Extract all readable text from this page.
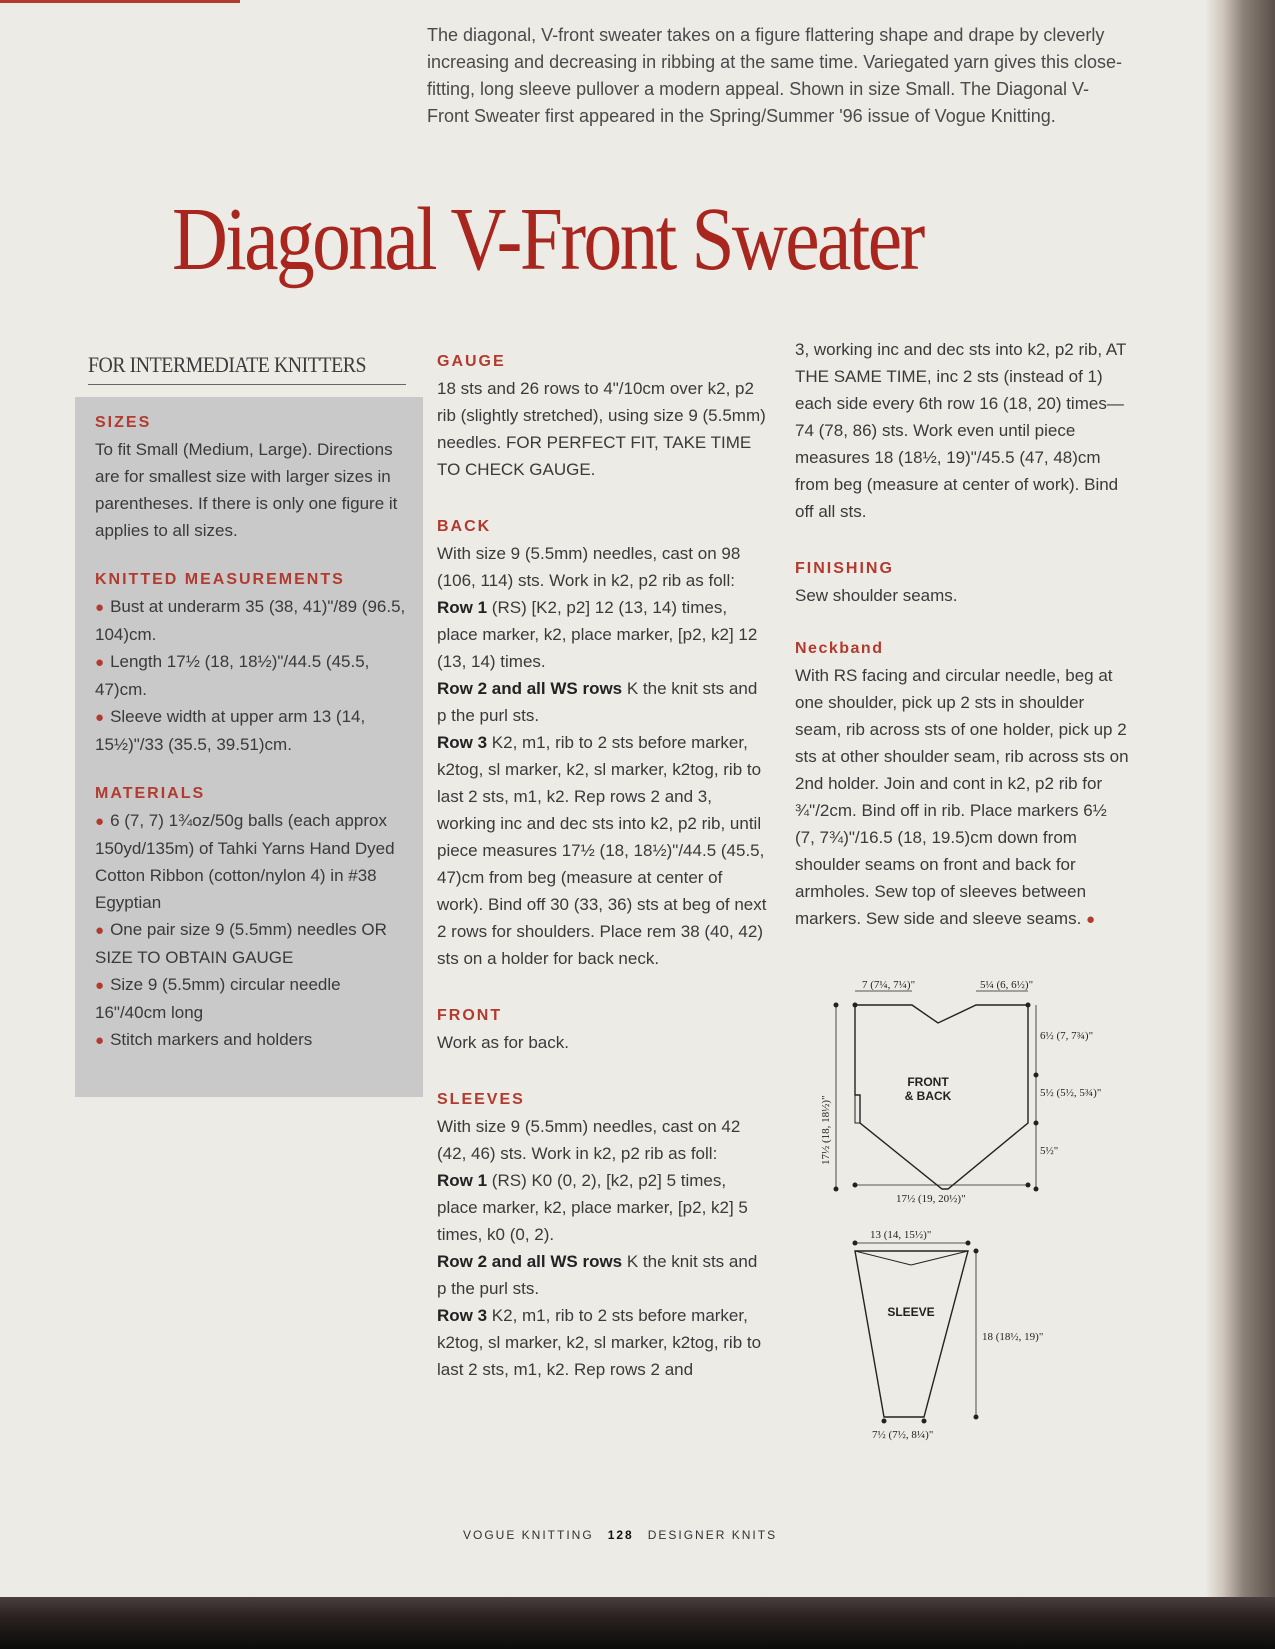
The diagonal, V-front sweater takes on a figure flattering shape and drape by cleverly increasing and decreasing in ribbing at the same time. Variegated yarn gives this close-fitting, long sleeve pullover a modern appeal. Shown in size Small. The Diagonal V-Front Sweater first appeared in the Spring/Summer '96 issue of Vogue Knitting.

Diagonal V-Front Sweater
FOR INTERMEDIATE KNITTERS

SIZES

To fit Small (Medium, Large). Directions are for smallest size with larger sizes in parentheses. If there is only one figure it applies to all sizes.

KNITTED MEASUREMENTS

● Bust at underarm 35 (38, 41)"/89 (96.5, 104)cm.

● Length 17½ (18, 18½)"/44.5 (45.5, 47)cm.

● Sleeve width at upper arm 13 (14, 15½)"/33 (35.5, 39.51)cm.

MATERIALS

● 6 (7, 7) 1¾oz/50g balls (each approx 150yd/135m) of Tahki Yarns Hand Dyed Cotton Ribbon (cotton/nylon 4) in #38 Egyptian

● One pair size 9 (5.5mm) needles OR SIZE TO OBTAIN GAUGE

● Size 9 (5.5mm) circular needle 16"/40cm long

● Stitch markers and holders

GAUGE

18 sts and 26 rows to 4"/10cm over k2, p2 rib (slightly stretched), using size 9 (5.5mm) needles. FOR PERFECT FIT, TAKE TIME TO CHECK GAUGE.

BACK

With size 9 (5.5mm) needles, cast on 98 (106, 114) sts. Work in k2, p2 rib as foll:

Row 1 (RS) [K2, p2] 12 (13, 14) times, place marker, k2, place marker, [p2, k2] 12 (13, 14) times.

Row 2 and all WS rows K the knit sts and p the purl sts.

Row 3 K2, m1, rib to 2 sts before marker, k2tog, sl marker, k2, sl marker, k2tog, rib to last 2 sts, m1, k2. Rep rows 2 and 3, working inc and dec sts into k2, p2 rib, until piece measures 17½ (18, 18½)"/44.5 (45.5, 47)cm from beg (measure at center of work). Bind off 30 (33, 36) sts at beg of next 2 rows for shoulders. Place rem 38 (40, 42) sts on a holder for back neck.

FRONT

Work as for back.

SLEEVES

With size 9 (5.5mm) needles, cast on 42 (42, 46) sts. Work in k2, p2 rib as foll:

Row 1 (RS) K0 (0, 2), [k2, p2] 5 times, place marker, k2, place marker, [p2, k2] 5 times, k0 (0, 2).

Row 2 and all WS rows K the knit sts and p the purl sts.

Row 3 K2, m1, rib to 2 sts before marker, k2tog, sl marker, k2, sl marker, k2tog, rib to last 2 sts, m1, k2. Rep rows 2 and

3, working inc and dec sts into k2, p2 rib, AT THE SAME TIME, inc 2 sts (instead of 1) each side every 6th row 16 (18, 20) times—74 (78, 86) sts. Work even until piece measures 18 (18½, 19)"/45.5 (47, 48)cm from beg (measure at center of work). Bind off all sts.

FINISHING

Sew shoulder seams.

Neckband

With RS facing and circular needle, beg at one shoulder, pick up 2 sts in shoulder seam, rib across sts of one holder, pick up 2 sts at other shoulder seam, rib across sts on 2nd holder. Join and cont in k2, p2 rib for ¾"/2cm. Bind off in rib. Place markers 6½ (7, 7¾)"/16.5 (18, 19.5)cm down from shoulder seams on front and back for armholes. Sew top of sleeves between markers. Sew side and sleeve seams. ●

FRONT
& BACK
7 (7¼, 7¼)"	5¼ (6, 6½)"
6½ (7, 7¾)"
5½ (5½, 5¾)"
5½"
17½ (18, 18½)"
17½ (19, 20½)"
SLEEVE
13 (14, 15½)"
18 (18½, 19)"
7½ (7½, 8¼)"
VOGUE KNITTING 128 DESIGNER KNITS
